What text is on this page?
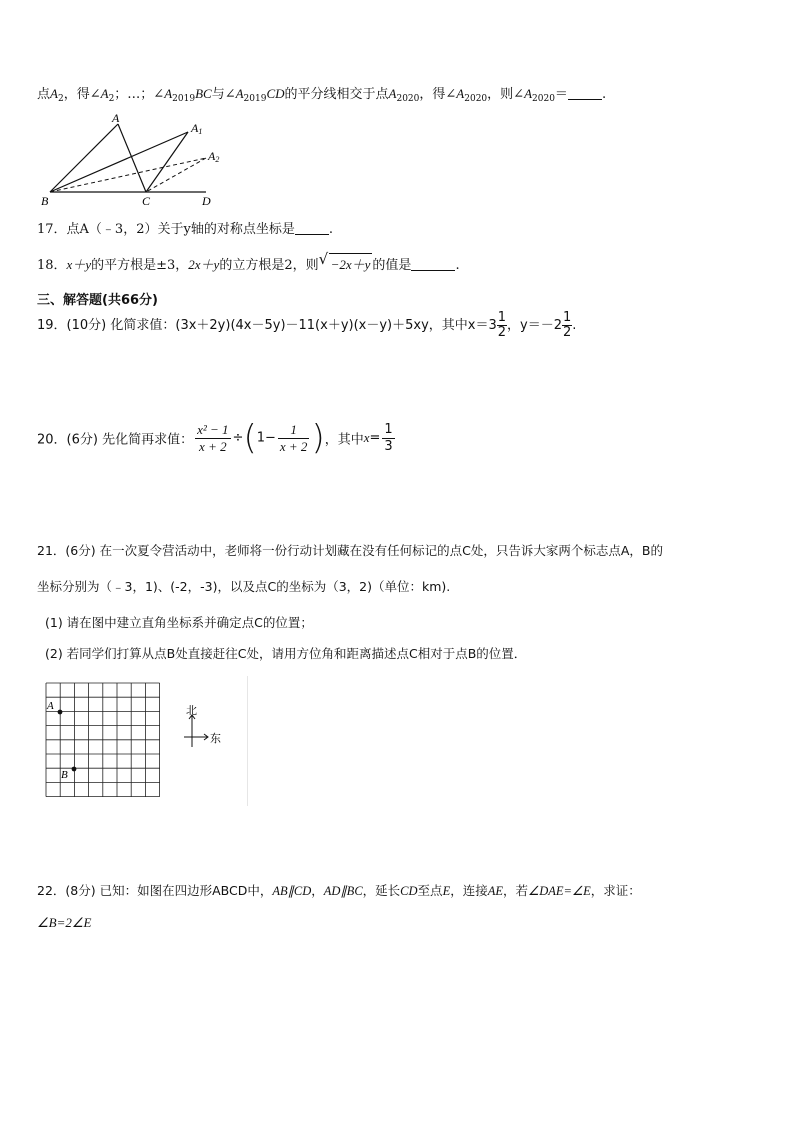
点$A_2$，得$\angle A_2$；…；$\angle A_{2019}BC$与$\angle A_{2019}CD$的平分线相交于点$A_{2020}$，得$\angle A_{2020}$，则$\angle A_{2020}=$	.
A
A1
A2
B	C	D
17．点A（﹣3，2）关于y轴的对称点坐标是	.
18．x＋y的平方根是±3，2x＋y的立方根是2，则 √ −2x＋y 的值是	.
三、解答题(共66分)
19．(10分) 化简求值：(3x＋2y)(4x－5y)－11(x＋y)(x－y)＋5xy，其中$x=3 \frac{1}{2}$ ，$y=-2 \frac{1}{2}$ .
20．(6分) 先化简再求值： $\frac{\text{x² − 1}}{x + 2} \div(1- \frac{1}{x + 2}$ )，其中$x= \frac{1}{3}$
21．(6分) 在一次夏令营活动中，老师将一份行动计划藏在没有任何标记的点C处，只告诉大家两个标志点A，B的
坐标分别为（﹣3，1)、(-2，-3)，以及点C的坐标为（3，2)（单位：km).
(1) 请在图中建立直角坐标系并确定点C的位置；
(2) 若同学们打算从点B处直接赶往C处，请用方位角和距离描述点C相对于点B的位置．
A
B
北
东
22．(8分) 已知：如图在四边形ABCD中，AB∥CD，AD∥BC，延长CD至点E，连接AE，若∠DAE=∠E，求证：
∠B=2∠E
